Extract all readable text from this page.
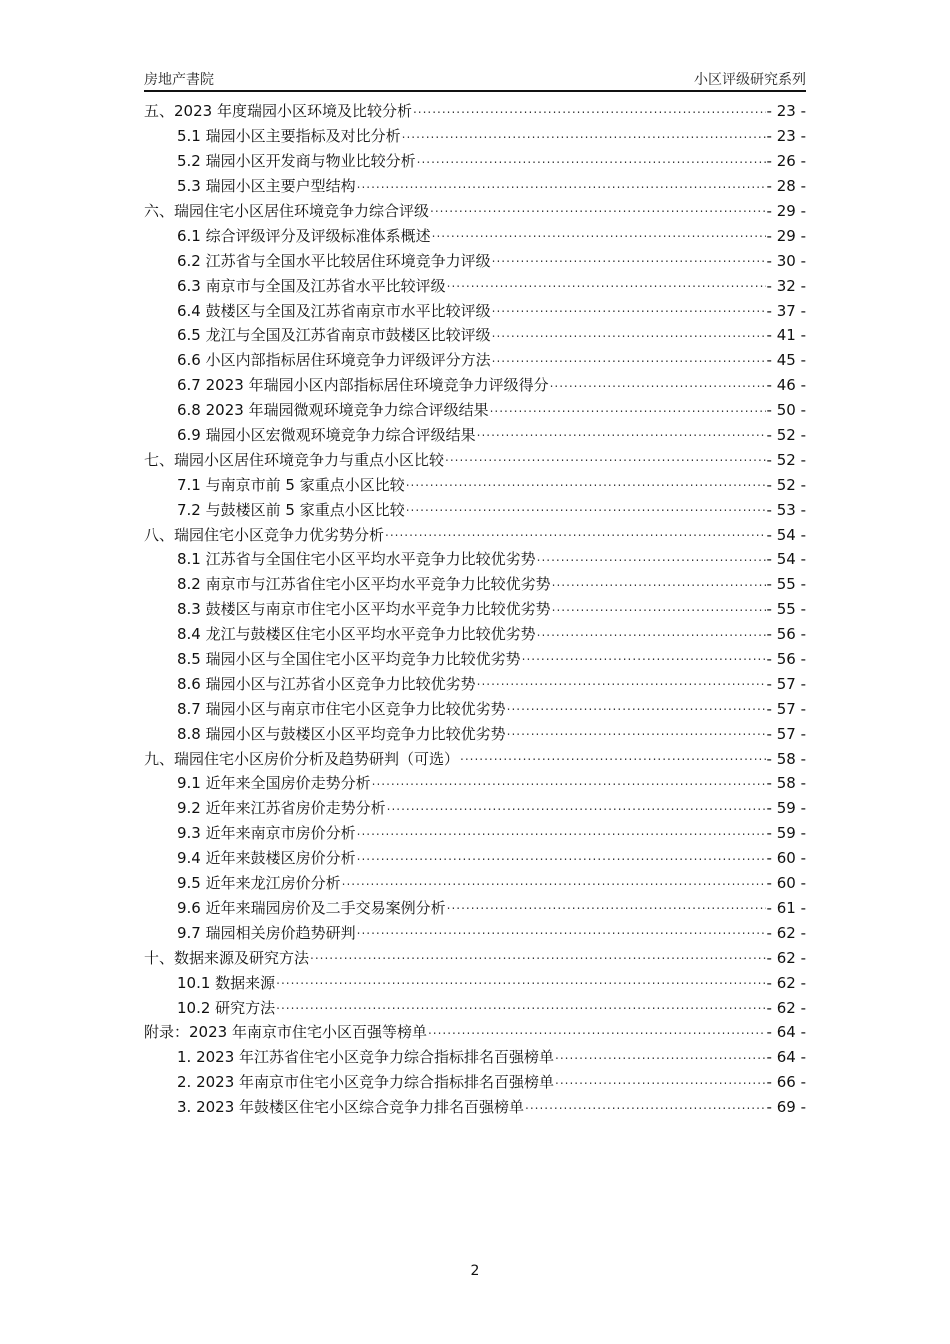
房地产書院	小区评级研究系列
五、2023 年度瑞园小区环境及比较分析 .....	- 23 -
5.1 瑞园小区主要指标及对比分析 .....	- 23 -
5.2 瑞园小区开发商与物业比较分析 .....	- 26 -
5.3 瑞园小区主要户型结构 .....	- 28 -
六、瑞园住宅小区居住环境竞争力综合评级 .....	- 29 -
6.1 综合评级评分及评级标准体系概述 .....	- 29 -
6.2 江苏省与全国水平比较居住环境竞争力评级 .....	- 30 -
6.3 南京市与全国及江苏省水平比较评级 .....	- 32 -
6.4 鼓楼区与全国及江苏省南京市水平比较评级 .....	- 37 -
6.5 龙江与全国及江苏省南京市鼓楼区比较评级 .....	- 41 -
6.6 小区内部指标居住环境竞争力评级评分方法 .....	- 45 -
6.7 2023 年瑞园小区内部指标居住环境竞争力评级得分 .....	- 46 -
6.8 2023 年瑞园微观环境竞争力综合评级结果 .....	- 50 -
6.9 瑞园小区宏微观环境竞争力综合评级结果 .....	- 52 -
七、瑞园小区居住环境竞争力与重点小区比较 .....	- 52 -
7.1 与南京市前 5 家重点小区比较 .....	- 52 -
7.2 与鼓楼区前 5 家重点小区比较 .....	- 53 -
八、瑞园住宅小区竞争力优劣势分析 .....	- 54 -
8.1 江苏省与全国住宅小区平均水平竞争力比较优劣势 .....	- 54 -
8.2 南京市与江苏省住宅小区平均水平竞争力比较优劣势 .....	- 55 -
8.3 鼓楼区与南京市住宅小区平均水平竞争力比较优劣势 .....	- 55 -
8.4 龙江与鼓楼区住宅小区平均水平竞争力比较优劣势 .....	- 56 -
8.5 瑞园小区与全国住宅小区平均竞争力比较优劣势 .....	- 56 -
8.6 瑞园小区与江苏省小区竞争力比较优劣势 .....	- 57 -
8.7 瑞园小区与南京市住宅小区竞争力比较优劣势 .....	- 57 -
8.8 瑞园小区与鼓楼区小区平均竞争力比较优劣势 .....	- 57 -
九、瑞园住宅小区房价分析及趋势研判（可选） .....	- 58 -
9.1 近年来全国房价走势分析 .....	- 58 -
9.2 近年来江苏省房价走势分析 .....	- 59 -
9.3 近年来南京市房价分析 .....	- 59 -
9.4 近年来鼓楼区房价分析 .....	- 60 -
9.5 近年来龙江房价分析 .....	- 60 -
9.6 近年来瑞园房价及二手交易案例分析 .....	- 61 -
9.7 瑞园相关房价趋势研判 .....	- 62 -
十、数据来源及研究方法 .....	- 62 -
10.1 数据来源 .....	- 62 -
10.2 研究方法 .....	- 62 -
附录：2023 年南京市住宅小区百强等榜单 .....	- 64 -
1. 2023 年江苏省住宅小区竞争力综合指标排名百强榜单 .....	- 64 -
2. 2023 年南京市住宅小区竞争力综合指标排名百强榜单 .....	- 66 -
3. 2023 年鼓楼区住宅小区综合竞争力排名百强榜单 .....	- 69 -
2
